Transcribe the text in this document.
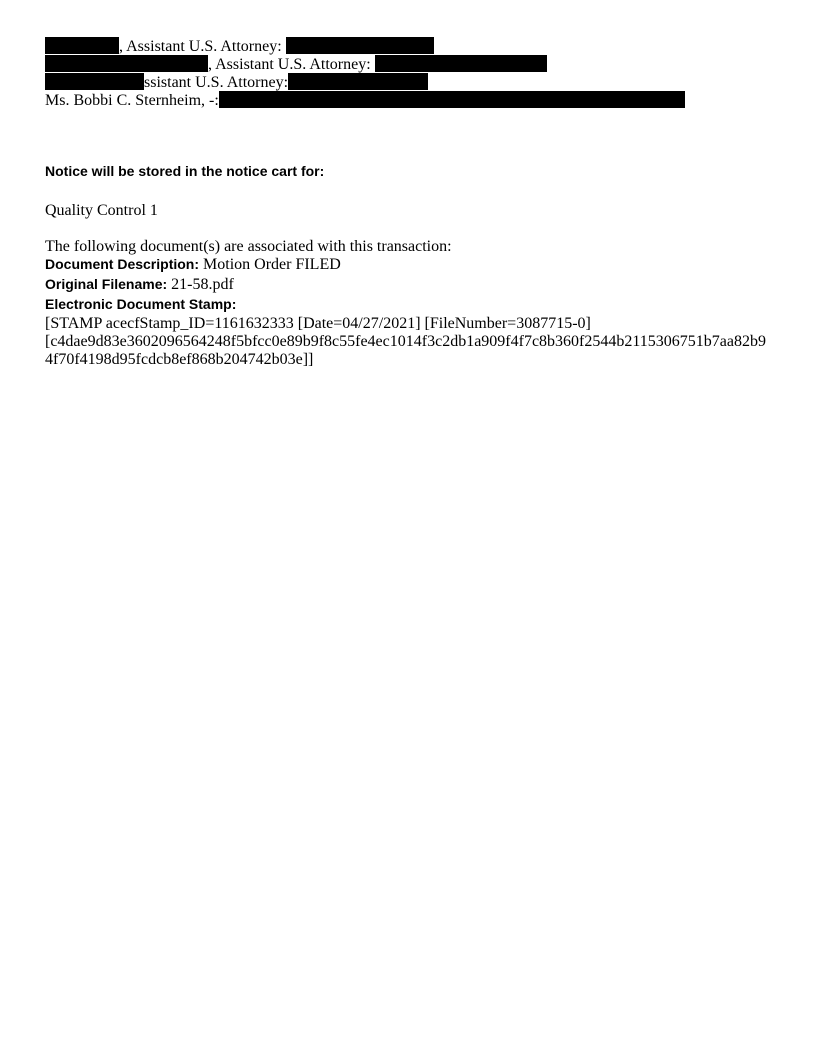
, Assistant U.S. Attorney:
, Assistant U.S. Attorney:
ssistant U.S. Attorney:
Ms. Bobbi C. Sternheim, -:
Notice will be stored in the notice cart for:
Quality Control 1
The following document(s) are associated with this transaction:
Document Description: Motion Order FILED
Original Filename: 21-58.pdf
Electronic Document Stamp:
[STAMP acecfStamp_ID=1161632333 [Date=04/27/2021] [FileNumber=3087715-0]
[c4dae9d83e3602096564248f5bfcc0e89b9f8c55fe4ec1014f3c2db1a909f4f7c8b360f2544b2115306751b7aa82b9
4f70f4198d95fcdcb8ef868b204742b03e]]
